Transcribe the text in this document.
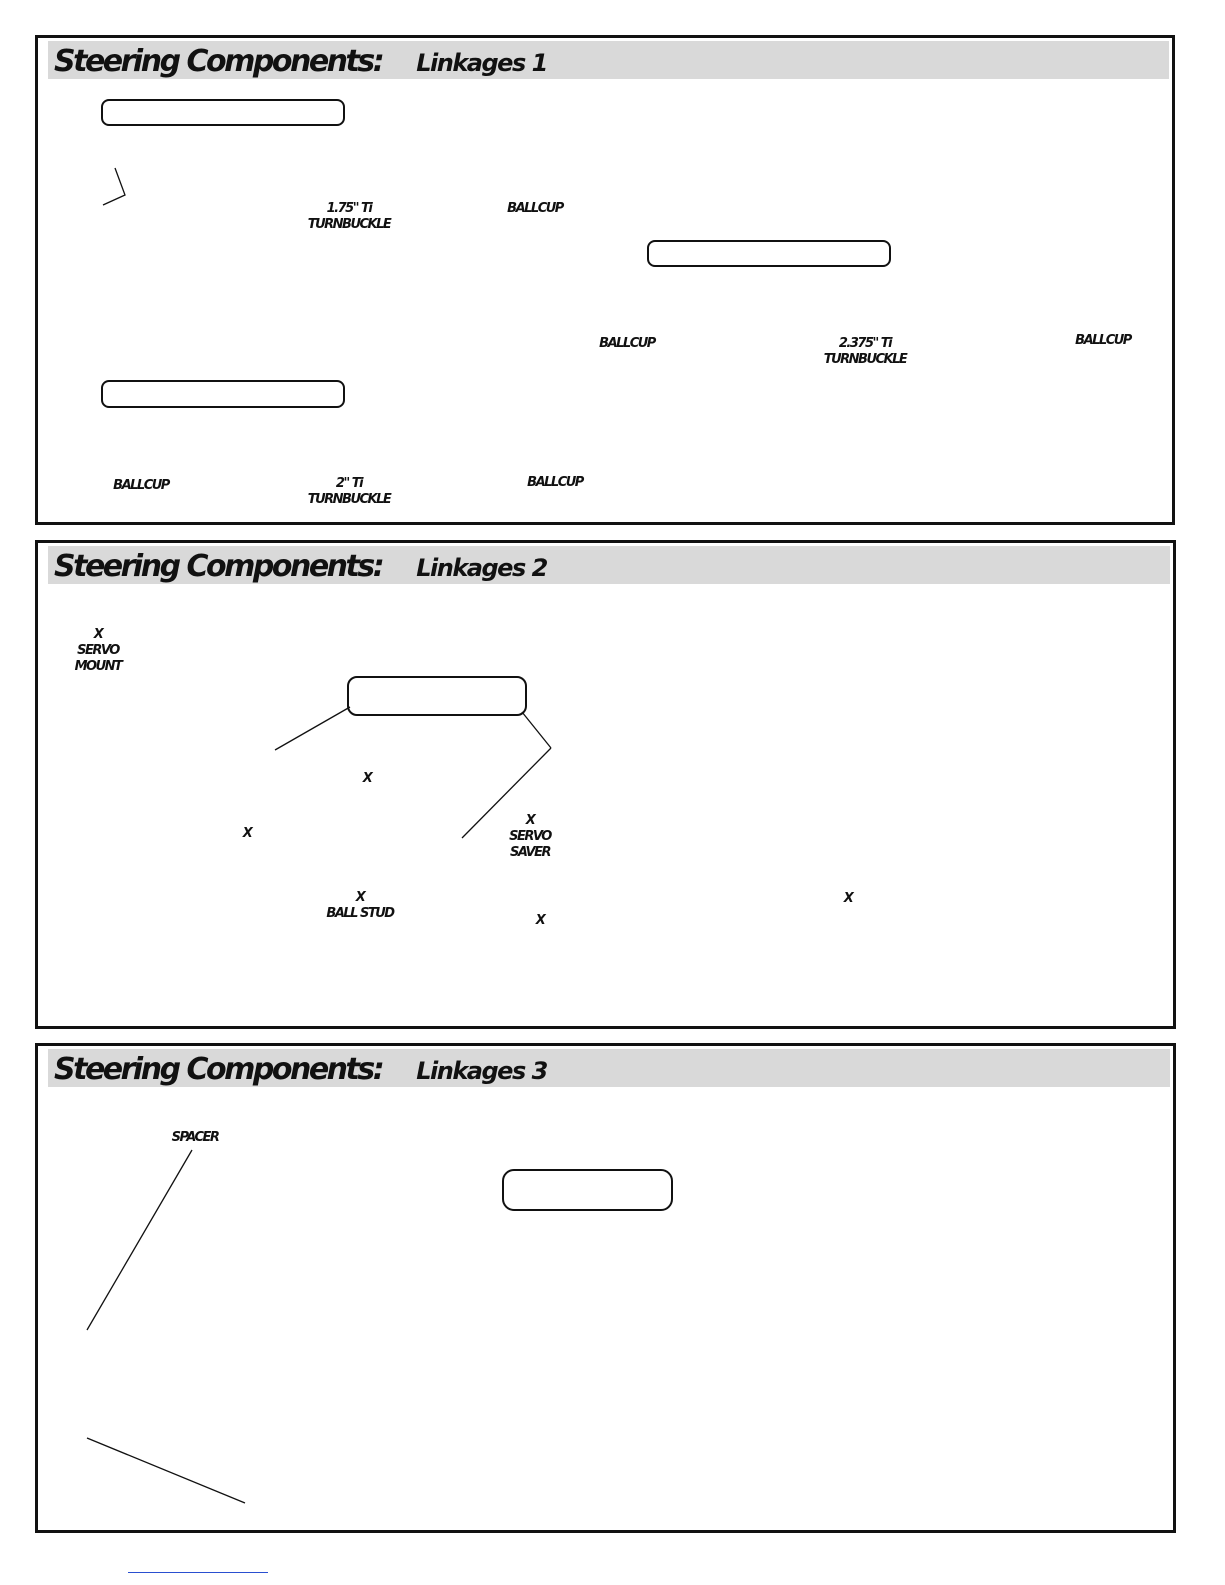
Steering Components: Linkages 1
1.75" Ti
TURNBUCKLE
BALLCUP
BALLCUP	2.375" Ti
TURNBUCKLE
BALLCUP
BALLCUP	2" Ti
TURNBUCKLE
BALLCUP
Steering Components: Linkages 2
X
SERVO
MOUNT
X
X
X
SERVO
SAVER
X
BALL STUD	X
X
Steering Components: Linkages 3
SPACER
